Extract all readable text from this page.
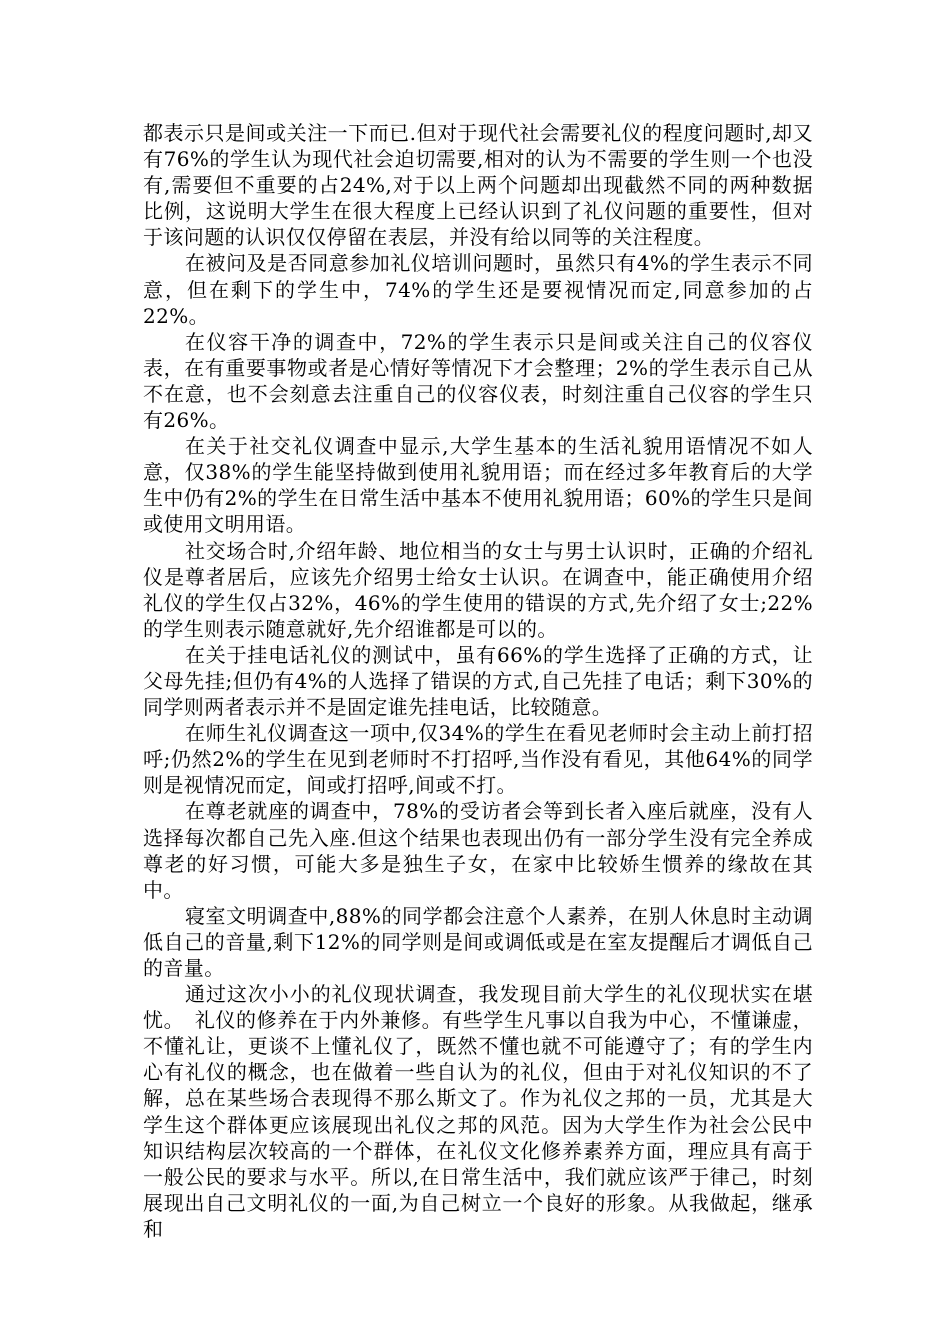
都表示只是间或关注一下而已.但对于现代社会需要礼仪的程度问题时,却又有76%的学生认为现代社会迫切需要,相对的认为不需要的学生则一个也没有,需要但不重要的占24%,对于以上两个问题却出现截然不同的两种数据比例，这说明大学生在很大程度上已经认识到了礼仪问题的重要性，但对于该问题的认识仅仅停留在表层，并没有给以同等的关注程度。

在被问及是否同意参加礼仪培训问题时，虽然只有4%的学生表示不同意，但在剩下的学生中，74%的学生还是要视情况而定,同意参加的占22%。

在仪容干净的调查中，72%的学生表示只是间或关注自己的仪容仪表，在有重要事物或者是心情好等情况下才会整理；2%的学生表示自己从不在意，也不会刻意去注重自己的仪容仪表，时刻注重自己仪容的学生只有26%。

在关于社交礼仪调查中显示,大学生基本的生活礼貌用语情况不如人意，仅38%的学生能坚持做到使用礼貌用语；而在经过多年教育后的大学生中仍有2%的学生在日常生活中基本不使用礼貌用语；60%的学生只是间或使用文明用语。

社交场合时,介绍年龄、地位相当的女士与男士认识时，正确的介绍礼仪是尊者居后，应该先介绍男士给女士认识。在调查中，能正确使用介绍礼仪的学生仅占32%，46%的学生使用的错误的方式,先介绍了女士;22%的学生则表示随意就好,先介绍谁都是可以的。

在关于挂电话礼仪的测试中，虽有66%的学生选择了正确的方式，让父母先挂;但仍有4%的人选择了错误的方式,自己先挂了电话；剩下30%的同学则两者表示并不是固定谁先挂电话，比较随意。

在师生礼仪调查这一项中,仅34%的学生在看见老师时会主动上前打招呼;仍然2%的学生在见到老师时不打招呼,当作没有看见，其他64%的同学则是视情况而定，间或打招呼,间或不打。

在尊老就座的调查中，78%的受访者会等到长者入座后就座，没有人选择每次都自己先入座.但这个结果也表现出仍有一部分学生没有完全养成尊老的好习惯，可能大多是独生子女，在家中比较娇生惯养的缘故在其中。

寝室文明调查中,88%的同学都会注意个人素养，在别人休息时主动调低自己的音量,剩下12%的同学则是间或调低或是在室友提醒后才调低自己的音量。

通过这次小小的礼仪现状调查，我发现目前大学生的礼仪现状实在堪忧。　礼仪的修养在于内外兼修。有些学生凡事以自我为中心，不懂谦虚，不懂礼让，更谈不上懂礼仪了，既然不懂也就不可能遵守了；有的学生内心有礼仪的概念，也在做着一些自认为的礼仪，但由于对礼仪知识的不了解，总在某些场合表现得不那么斯文了。作为礼仪之邦的一员，尤其是大学生这个群体更应该展现出礼仪之邦的风范。因为大学生作为社会公民中知识结构层次较高的一个群体，在礼仪文化修养素养方面，理应具有高于一般公民的要求与水平。所以,在日常生活中，我们就应该严于律己，时刻展现出自己文明礼仪的一面,为自己树立一个良好的形象。从我做起，继承和
